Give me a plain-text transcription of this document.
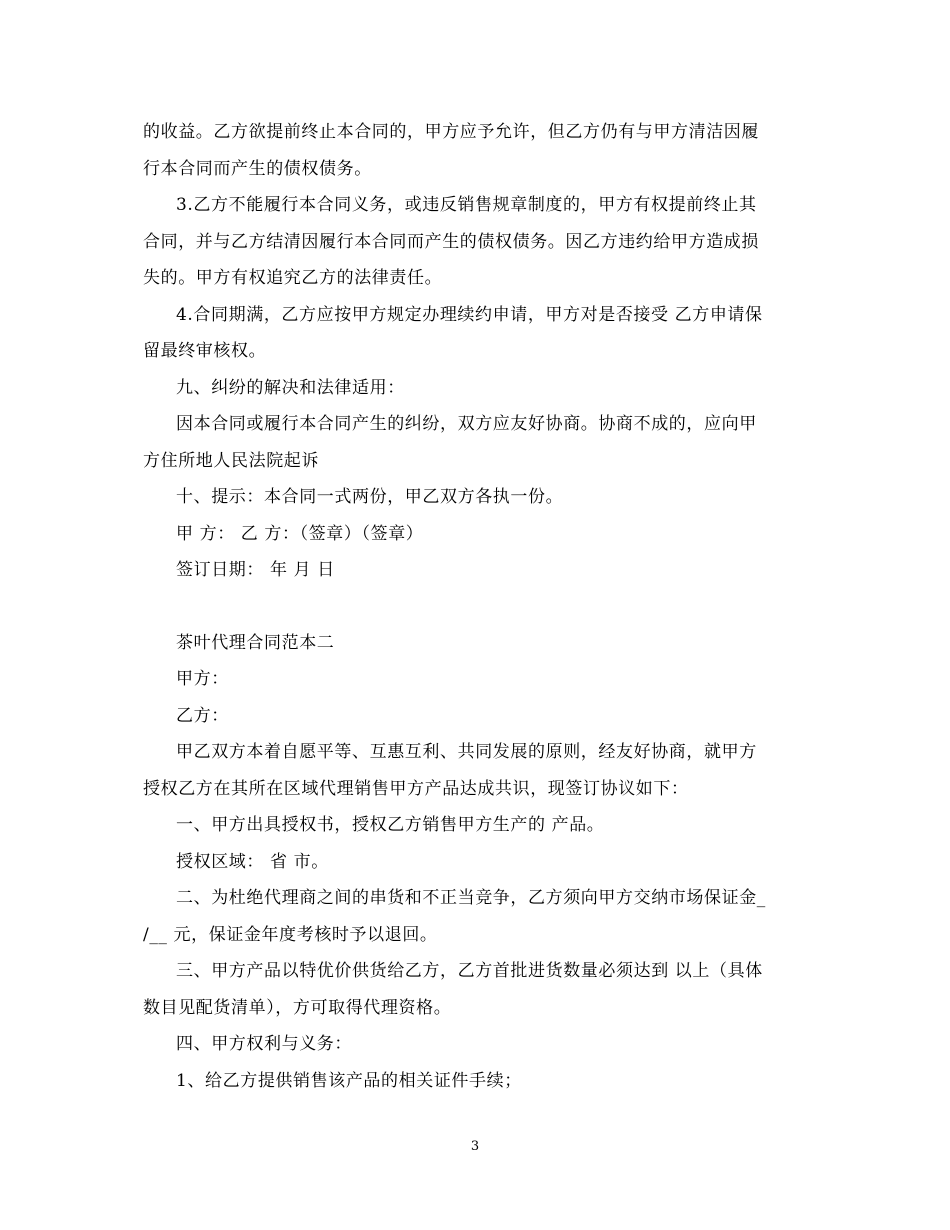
的收益。乙方欲提前终止本合同的，甲方应予允许，但乙方仍有与甲方清洁因履
行本合同而产生的债权债务。
3.乙方不能履行本合同义务，或违反销售规章制度的，甲方有权提前终止其
合同，并与乙方结清因履行本合同而产生的债权债务。因乙方违约给甲方造成损
失的。甲方有权追究乙方的法律责任。
4.合同期满，乙方应按甲方规定办理续约申请，甲方对是否接受 乙方申请保
留最终审核权。
九、纠纷的解决和法律适用：
因本合同或履行本合同产生的纠纷，双方应友好协商。协商不成的，应向甲
方住所地人民法院起诉
十、提示：本合同一式两份，甲乙双方各执一份。
甲 方： 乙 方：（签章）（签章）
签订日期： 年 月 日
茶叶代理合同范本二
甲方：
乙方：
甲乙双方本着自愿平等、互惠互利、共同发展的原则，经友好协商，就甲方
授权乙方在其所在区域代理销售甲方产品达成共识，现签订协议如下：
一、甲方出具授权书，授权乙方销售甲方生产的 产品。
授权区域： 省 市。
二、为杜绝代理商之间的串货和不正当竞争，乙方须向甲方交纳市场保证金_
/__ 元，保证金年度考核时予以退回。
三、甲方产品以特优价供货给乙方，乙方首批进货数量必须达到 以上（具体
数目见配货清单），方可取得代理资格。
四、甲方权利与义务：
1、给乙方提供销售该产品的相关证件手续；
3
